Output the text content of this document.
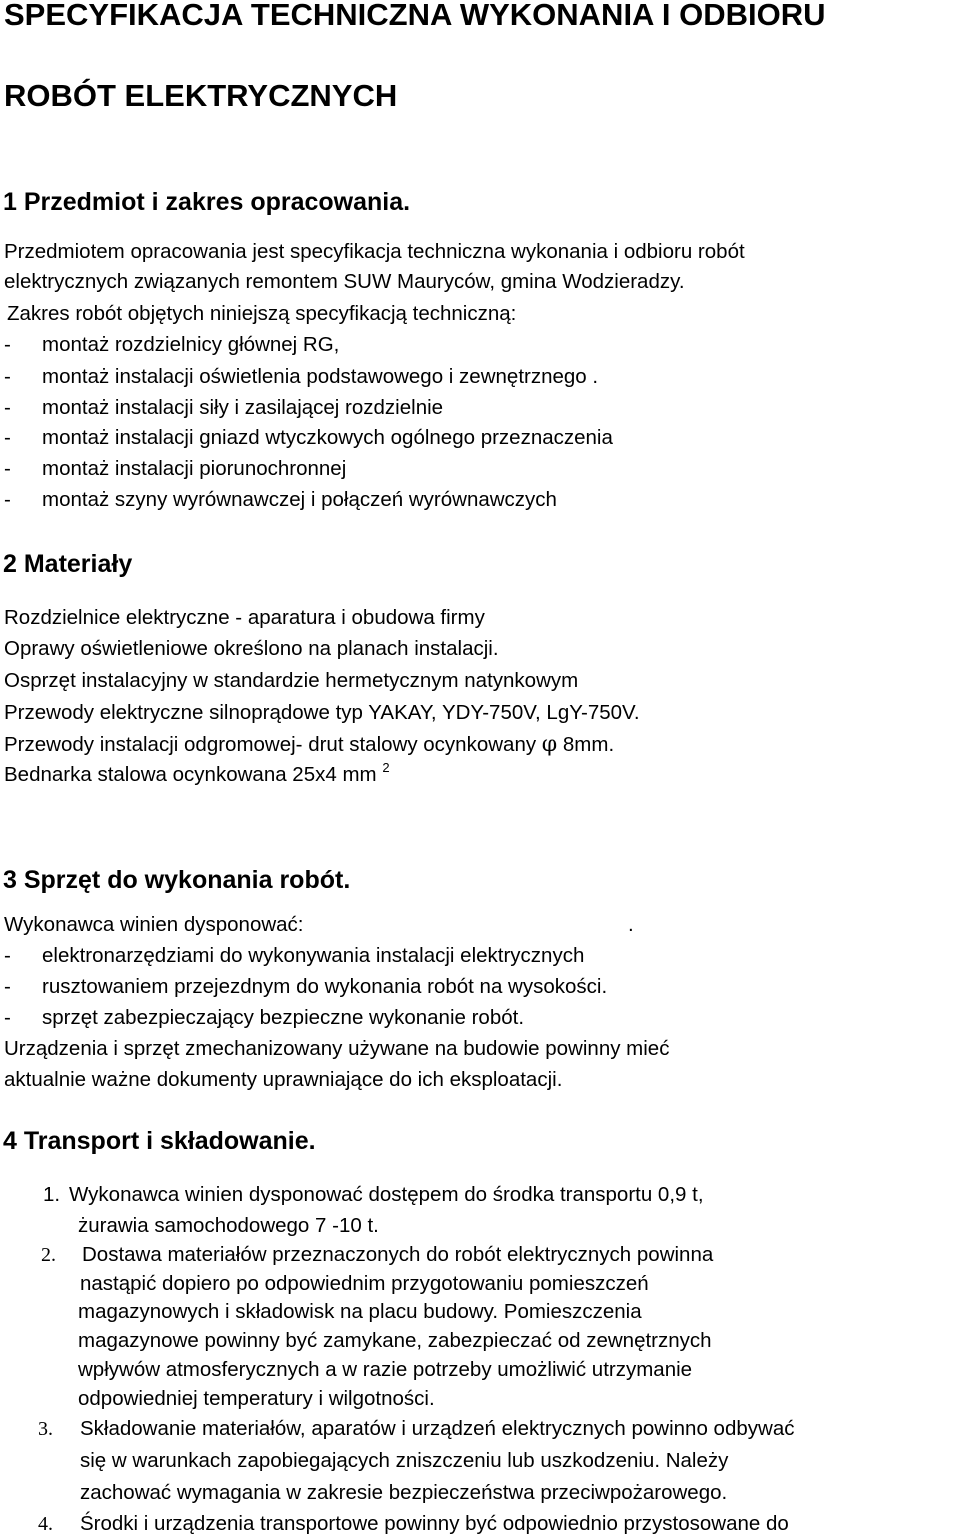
SPECYFIKACJA TECHNICZNA WYKONANIA I ODBIORU
ROBÓT ELEKTRYCZNYCH
1 Przedmiot i zakres opracowania.
Przedmiotem opracowania jest specyfikacja techniczna wykonania i odbioru robót
elektrycznych związanych remontem SUW Mauryców, gmina Wodzieradzy.
Zakres robót objętych niniejszą specyfikacją techniczną:
- montaż rozdzielnicy głównej RG,
- montaż instalacji oświetlenia podstawowego i zewnętrznego .
- montaż instalacji siły i zasilającej rozdzielnie
- montaż instalacji gniazd wtyczkowych ogólnego przeznaczenia
- montaż instalacji piorunochronnej
- montaż szyny wyrównawczej i połączeń wyrównawczych
2 Materiały
Rozdzielnice elektryczne - aparatura i obudowa firmy
Oprawy oświetleniowe określono na planach instalacji.
Osprzęt instalacyjny w standardzie hermetycznym natynkowym
Przewody elektryczne silnoprądowe typ YAKAY, YDY-750V, LgY-750V.
Przewody instalacji odgromowej- drut stalowy ocynkowany φ 8mm.
Bednarka stalowa ocynkowana 25x4 mm $^2$
3 Sprzęt do wykonania robót.
Wykonawca winien dysponować:	.
- elektronarzędziami do wykonywania instalacji elektrycznych
- rusztowaniem przejezdnym do wykonania robót na wysokości.
- sprzęt zabezpieczający bezpieczne wykonanie robót.
Urządzenia i sprzęt zmechanizowany używane na budowie powinny mieć
aktualnie ważne dokumenty uprawniające do ich eksploatacji.
4 Transport i składowanie.
1. Wykonawca winien dysponować dostępem do środka transportu 0,9 t,
żurawia samochodowego 7 -10 t.
2. Dostawa materiałów przeznaczonych do robót elektrycznych powinna
nastąpić dopiero po odpowiednim przygotowaniu pomieszczeń
magazynowych i składowisk na placu budowy. Pomieszczenia
magazynowe powinny być zamykane, zabezpieczać od zewnętrznych
wpływów atmosferycznych a w razie potrzeby umożliwić utrzymanie
odpowiedniej temperatury i wilgotności.
3. Składowanie materiałów, aparatów i urządzeń elektrycznych powinno odbywać
się w warunkach zapobiegających zniszczeniu lub uszkodzeniu. Należy
zachować wymagania w zakresie bezpieczeństwa przeciwpożarowego.
4. Środki i urządzenia transportowe powinny być odpowiednio przystosowane do
